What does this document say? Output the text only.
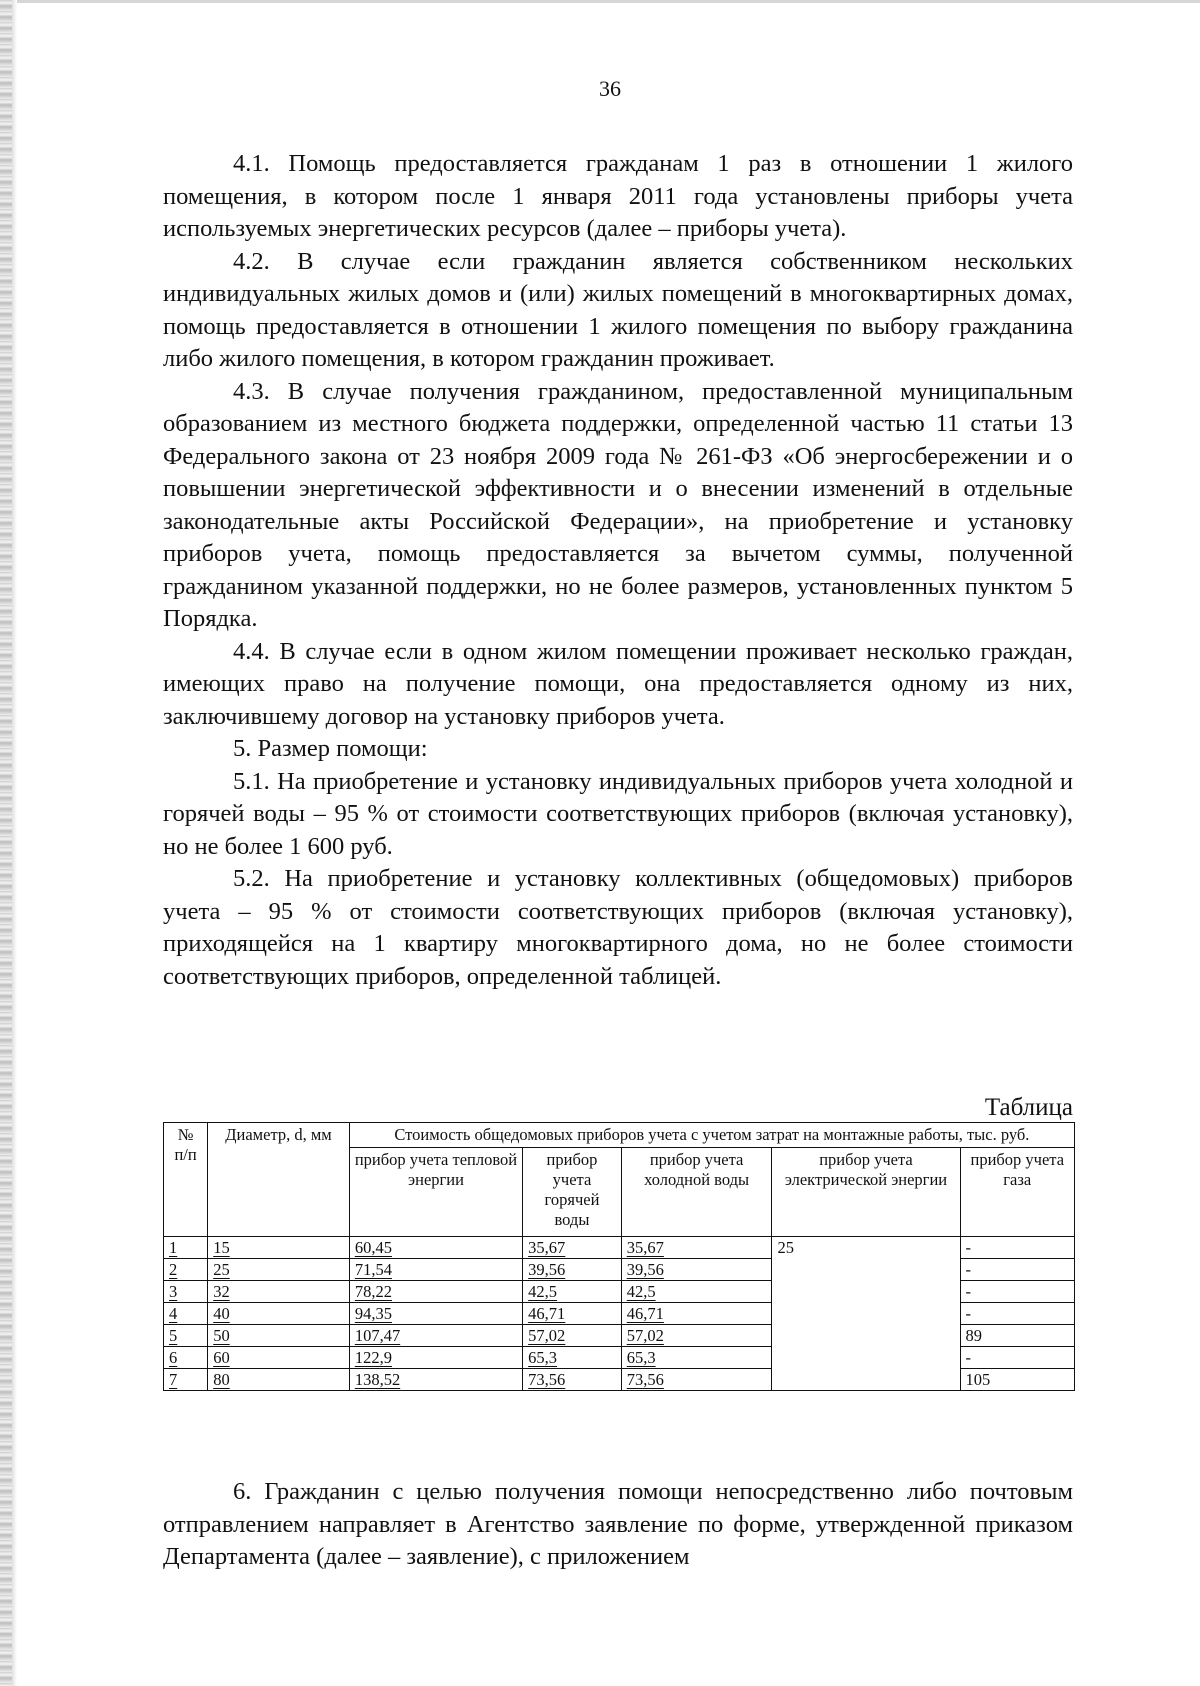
36

4.1. Помощь предоставляется гражданам 1 раз в отношении 1 жилого помещения, в котором после 1 января 2011 года установлены приборы учета используемых энергетических ресурсов (далее – приборы учета).

4.2. В случае если гражданин является собственником нескольких индивидуальных жилых домов и (или) жилых помещений в многоквартирных домах, помощь предоставляется в отношении 1 жилого помещения по выбору гражданина либо жилого помещения, в котором гражданин проживает.

4.3. В случае получения гражданином, предоставленной муниципальным образованием из местного бюджета поддержки, определенной частью 11 статьи 13 Федерального закона от 23 ноября 2009 года № 261-ФЗ «Об энергосбережении и о повышении энергетической эффективности и о внесении изменений в отдельные законодательные акты Российской Федерации», на приобретение и установку приборов учета, помощь предоставляется за вычетом суммы, полученной гражданином указанной поддержки, но не более размеров, установленных пунктом 5 Порядка.

4.4. В случае если в одном жилом помещении проживает несколько граждан, имеющих право на получение помощи, она предоставляется одному из них, заключившему договор на установку приборов учета.

5. Размер помощи:

5.1. На приобретение и установку индивидуальных приборов учета холодной и горячей воды – 95 % от стоимости соответствующих приборов (включая установку), но не более 1 600 руб.

5.2. На приобретение и установку коллективных (общедомовых) приборов учета – 95 % от стоимости соответствующих приборов (включая установку), приходящейся на 1 квартиру многоквартирного дома, но не более стоимости соответствующих приборов, определенной таблицей.

Таблица
№ п/п	Диаметр, d, мм	Стоимость общедомовых приборов учета с учетом затрат на монтажные работы, тыс. руб.				
		прибор учета тепловой энергии	прибор учета горячей воды	прибор учета холодной воды	прибор учета электрической энергии	прибор учета газа
1	15	60,45	35,67	35,67	25	-
2	25	71,54	39,56	39,56		-
3	32	78,22	42,5	42,5		-
4	40	94,35	46,71	46,71		-
5	50	107,47	57,02	57,02		89
6	60	122,9	65,3	65,3		-
7	80	138,52	73,56	73,56		105

6. Гражданин с целью получения помощи непосредственно либо почтовым отправлением направляет в Агентство заявление по форме, утвержденной приказом Департамента (далее – заявление), с приложением
